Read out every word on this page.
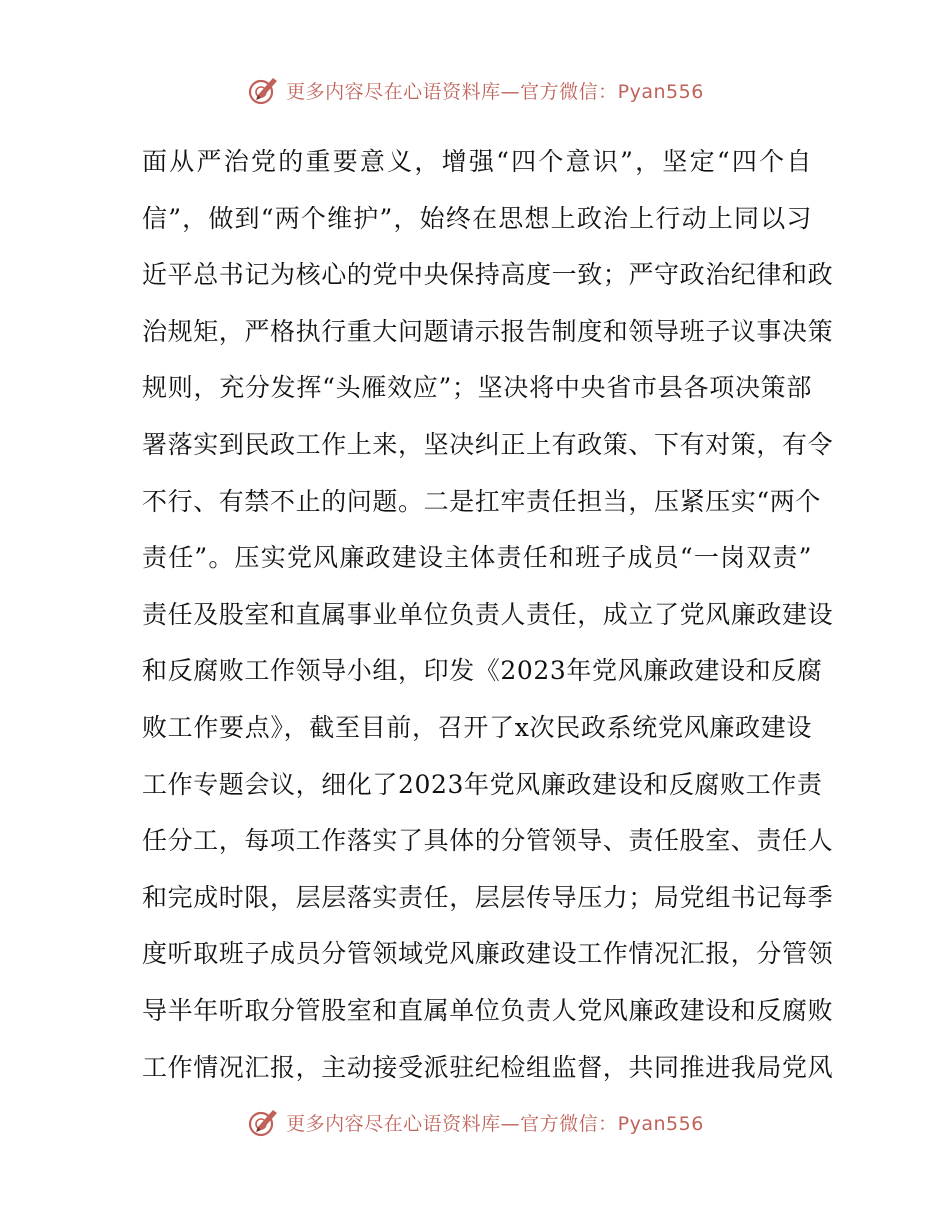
更多内容尽在心语资料库—官方微信：Pyan556
面从严治党的重要意义，增强“四个意识”，坚定“四个自
信”，做到“两个维护”，始终在思想上政治上行动上同以习
近平总书记为核心的党中央保持高度一致；严守政治纪律和政
治规矩，严格执行重大问题请示报告制度和领导班子议事决策
规则，充分发挥“头雁效应”；坚决将中央省市县各项决策部
署落实到民政工作上来，坚决纠正上有政策、下有对策，有令
不行、有禁不止的问题。二是扛牢责任担当，压紧压实“两个
责任”。压实党风廉政建设主体责任和班子成员“一岗双责”
责任及股室和直属事业单位负责人责任，成立了党风廉政建设
和反腐败工作领导小组，印发《2023年党风廉政建设和反腐
败工作要点》，截至目前，召开了x次民政系统党风廉政建设
工作专题会议，细化了2023年党风廉政建设和反腐败工作责
任分工，每项工作落实了具体的分管领导、责任股室、责任人
和完成时限，层层落实责任，层层传导压力；局党组书记每季
度听取班子成员分管领域党风廉政建设工作情况汇报，分管领
导半年听取分管股室和直属单位负责人党风廉政建设和反腐败
工作情况汇报，主动接受派驻纪检组监督，共同推进我局党风
更多内容尽在心语资料库—官方微信：Pyan556
